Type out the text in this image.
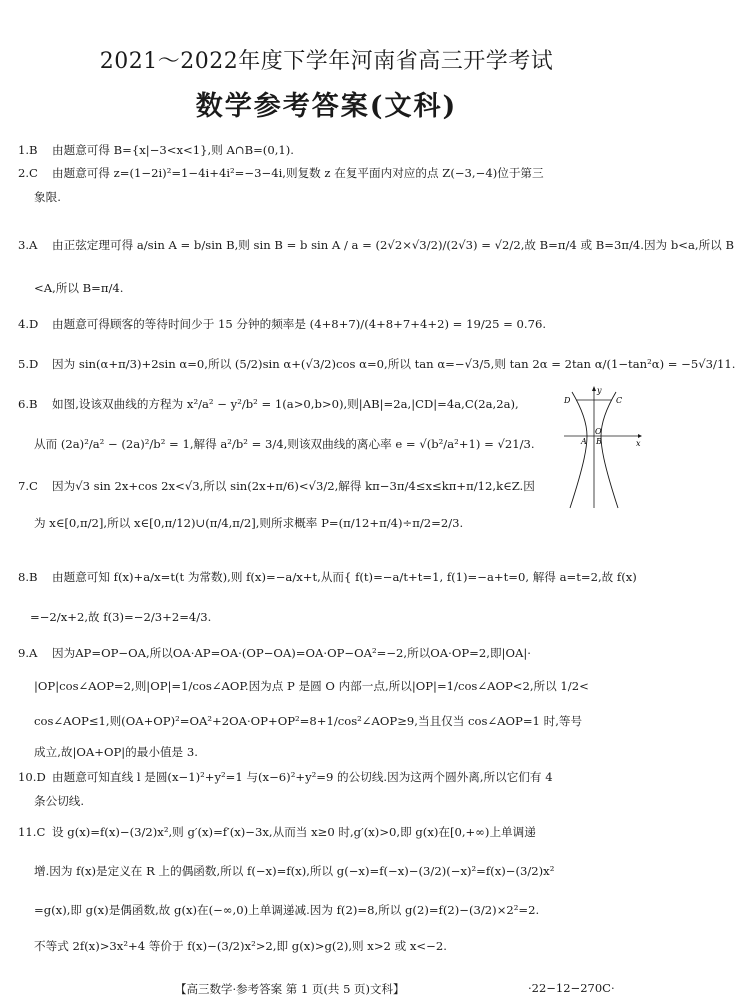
2021～2022年度下学年河南省高三开学考试
数学参考答案(文科)
1.B 由题意可得 B={x|−3<x<1},则 A∩B=(0,1).
2.C 由题意可得 z=(1−2i)²=1−4i+4i²=−3−4i,则复数 z 在复平面内对应的点 Z(−3,−4)位于第三
象限.
3.A 由正弦定理可得 a/sin A = b/sin B,则 sin B = b sin A / a = (2√2×√3/2)/(2√3) = √2/2,故 B=π/4 或 B=3π/4.因为 b<a,所以 B
<A,所以 B=π/4.
4.D 由题意可得顾客的等待时间少于 15 分钟的频率是 (4+8+7)/(4+8+7+4+2) = 19/25 = 0.76.
5.D 因为 sin(α+π/3)+2sin α=0,所以 (5/2)sin α+(√3/2)cos α=0,所以 tan α=−√3/5,则 tan 2α = 2tan α/(1−tan²α) = −5√3/11.
6.B 如图,设该双曲线的方程为 x²/a² − y²/b² = 1(a>0,b>0),则|AB|=2a,|CD|=4a,C(2a,2a),
从而 (2a)²/a² − (2a)²/b² = 1,解得 a²/b² = 3/4,则该双曲线的离心率 e = √(b²/a²+1) = √21/3.
y
x
C
D
O
A B
7.C 因为√3 sin 2x+cos 2x<√3,所以 sin(2x+π/6)<√3/2,解得 kπ−3π/4≤x≤kπ+π/12,k∈Z.因
为 x∈[0,π/2],所以 x∈[0,π/12)∪(π/4,π/2],则所求概率 P=(π/12+π/4)÷π/2=2/3.
8.B 由题意可知 f(x)+a/x=t(t 为常数),则 f(x)=−a/x+t,从而{ f(t)=−a/t+t=1, f(1)=−a+t=0, 解得 a=t=2,故 f(x)
=−2/x+2,故 f(3)=−2/3+2=4/3.
9.A 因为AP=OP−OA,所以OA·AP=OA·(OP−OA)=OA·OP−OA²=−2,所以OA·OP=2,即|OA|·
|OP|cos∠AOP=2,则|OP|=1/cos∠AOP.因为点 P 是圆 O 内部一点,所以|OP|=1/cos∠AOP<2,所以 1/2<
cos∠AOP≤1,则(OA+OP)²=OA²+2OA·OP+OP²=8+1/cos²∠AOP≥9,当且仅当 cos∠AOP=1 时,等号
成立,故|OA+OP|的最小值是 3.
10.D 由题意可知直线 l 是圆(x−1)²+y²=1 与(x−6)²+y²=9 的公切线.因为这两个圆外离,所以它们有 4
条公切线.
11.C 设 g(x)=f(x)−(3/2)x²,则 g′(x)=f′(x)−3x,从而当 x≥0 时,g′(x)>0,即 g(x)在[0,+∞)上单调递
增.因为 f(x)是定义在 R 上的偶函数,所以 f(−x)=f(x),所以 g(−x)=f(−x)−(3/2)(−x)²=f(x)−(3/2)x²
=g(x),即 g(x)是偶函数,故 g(x)在(−∞,0)上单调递减.因为 f(2)=8,所以 g(2)=f(2)−(3/2)×2²=2.
不等式 2f(x)>3x²+4 等价于 f(x)−(3/2)x²>2,即 g(x)>g(2),则 x>2 或 x<−2.
【高三数学·参考答案 第 1 页(共 5 页)文科】	·22−12−270C·
